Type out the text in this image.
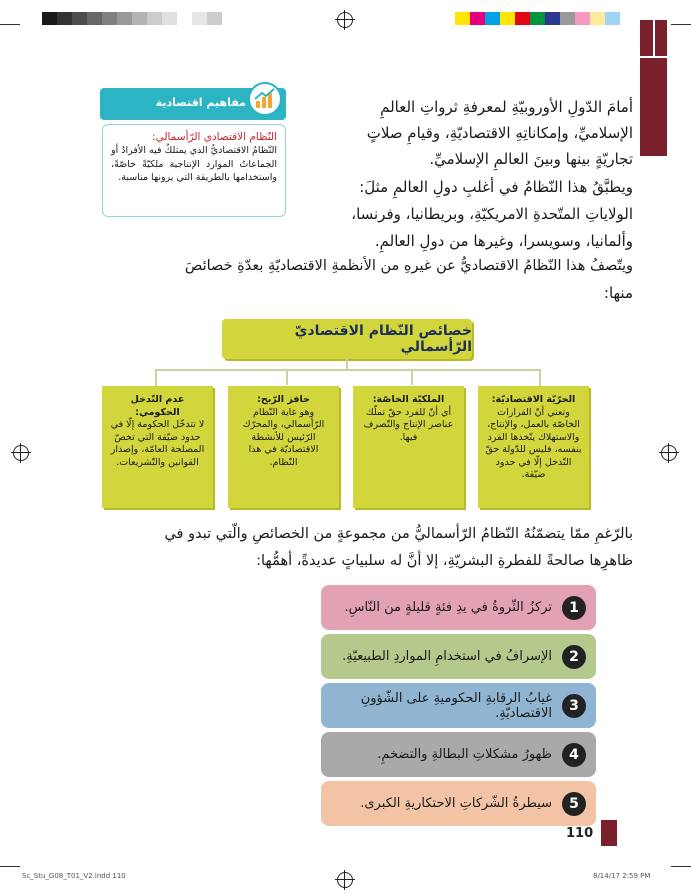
أمامَ الدّولِ الأوروبيّةِ لمعرفةِ ثرواتِ العالمِ
الإسلاميِّ، وإمكاناتِهِ الاقتصاديّةِ، وقيامِ صلاتٍ
تجاريّةٍ بينها وبينَ العالمِ الإسلاميِّ.
ويطبَّقُ هذا النّظامُ في أغلبِ دولِ العالمِ مثلَ:
الولاياتِ المتّحدةِ الامريكيّةِ، وبريطانيا، وفرنسا،
وألمانيا، وسويسرا، وغيرها من دولِ العالمِ.
ويتّصفُ هذا النّظامُ الاقتصاديُّ عن غيرهِ من الأنظمةِ الاقتصاديّةِ بعدّةِ خصائصَ
منها:
مفاهيم اقتصادية
النّظام الاقتصادي الرّأسمالي:
النّظامُ الاقتصاديُّ الذي يمتلكُ فيه الأفرادُ أو الجماعاتُ الموارد الإنتاجية ملكيّةً خاصّةً، واستخدامها بالطريقة التي يرونها مناسبة.
خصائص النّظام الاقتصاديّ الرّأسمالي
الحرّيّة الاقتصاديّة:
وتعني أنّ القرارات الخاصّة بالعمل، والإنتاج، والاستهلاك يتّخذها الفرد بنفسه، فليس للدّولة حقّ التّدخل إلّا في حدود ضيّقة.
الملكيّة الخاصّة:
أي أنّ للفرد حقّ تملّك عناصر الإنتاج والتّصرف فيها.
حافز الرّبح:
وهو غاية النّظام الرّأسمالي، والمحرّك الرّئيس للأنشطة الاقتصاديّة في هذا النّظام.
عدم التّدخل الحكومي:
لا تتدخّل الحكومة إلّا في حدود ضيّقة التي تخصّ المصلحة العامّة، وإصدار القوانين والتّشريعات.
بالرّغمِ ممّا يتضمّنُهُ النّظامُ الرّأسماليُّ من مجموعةٍ من الخصائصِ والّتي تبدو في
ظاهرِها صالحةً للفطرةِ البشريّةِ، إلا أنَّ له سلبياتٍ عديدةً، أهمُّها:
1
تركزُ الثّروةُ في يدِ فئةٍ قليلةٍ من النّاسِ.
2
الإسرافُ في استخدامِ المواردِ الطبيعيّةِ.
3
غيابُ الرقابةِ الحكوميةِ على الشّؤونِ الاقتصاديّةِ.
4
ظهورُ مشكلاتِ البطالةِ والتضخمِ.
5
سيطرةُ الشّركاتِ الاحتكاريةِ الكبرى.
110
Sc_Stu_G08_T01_V2.indd 110	8/14/17 2:59 PM
